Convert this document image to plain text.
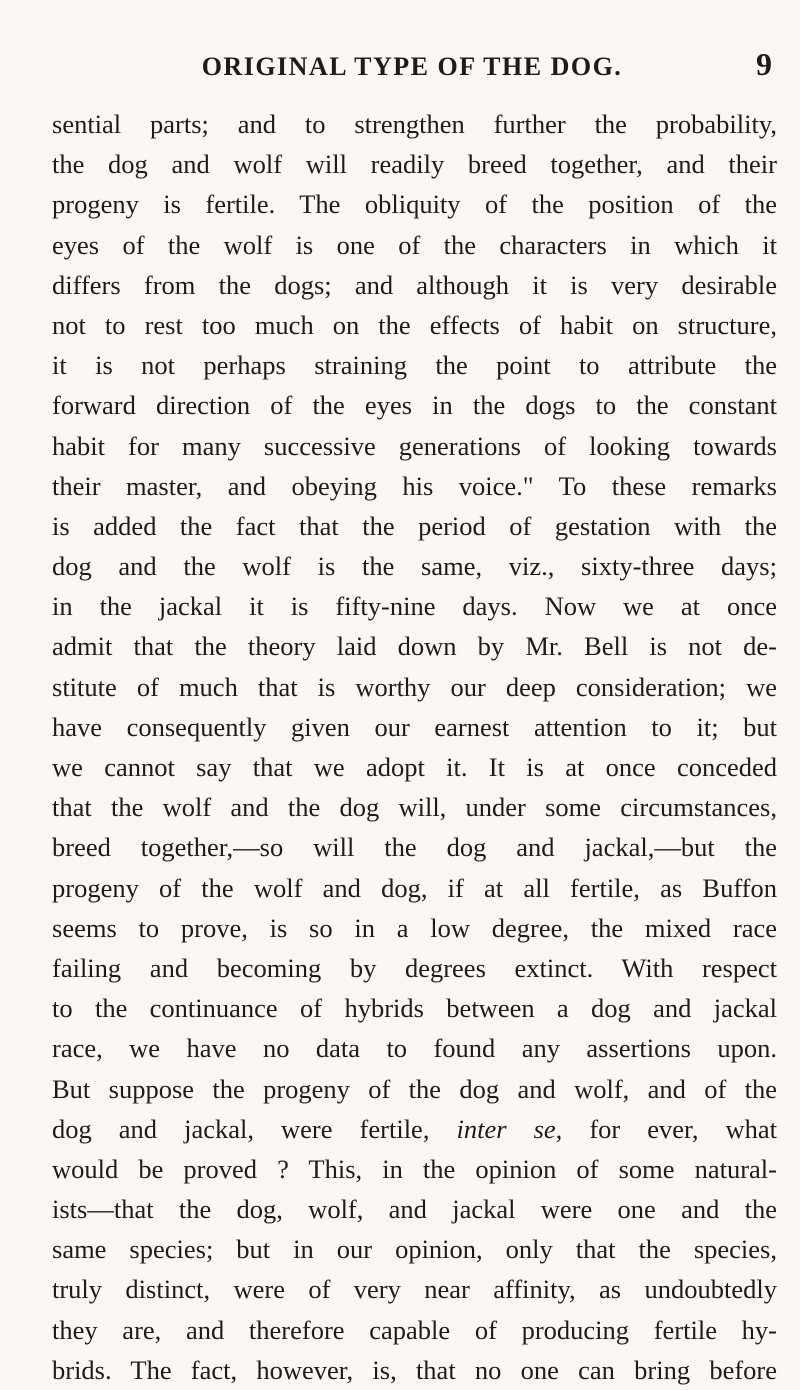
ORIGINAL TYPE OF THE DOG.	9
sential parts; and to strengthen further the probability,
the dog and wolf will readily breed together, and their
progeny is fertile. The obliquity of the position of the
eyes of the wolf is one of the characters in which it
differs from the dogs; and although it is very desirable
not to rest too much on the effects of habit on structure,
it is not perhaps straining the point to attribute the
forward direction of the eyes in the dogs to the constant
habit for many successive generations of looking towards
their master, and obeying his voice." To these remarks
is added the fact that the period of gestation with the
dog and the wolf is the same, viz., sixty-three days;
in the jackal it is fifty-nine days. Now we at once
admit that the theory laid down by Mr. Bell is not de-
stitute of much that is worthy our deep consideration; we
have consequently given our earnest attention to it; but
we cannot say that we adopt it. It is at once conceded
that the wolf and the dog will, under some circumstances,
breed together,—so will the dog and jackal,—but the
progeny of the wolf and dog, if at all fertile, as Buffon
seems to prove, is so in a low degree, the mixed race
failing and becoming by degrees extinct. With respect
to the continuance of hybrids between a dog and jackal
race, we have no data to found any assertions upon.
But suppose the progeny of the dog and wolf, and of the
dog and jackal, were fertile, inter se, for ever, what
would be proved ? This, in the opinion of some natural-
ists—that the dog, wolf, and jackal were one and the
same species; but in our opinion, only that the species,
truly distinct, were of very near affinity, as undoubtedly
they are, and therefore capable of producing fertile hy-
brids. The fact, however, is, that no one can bring before
